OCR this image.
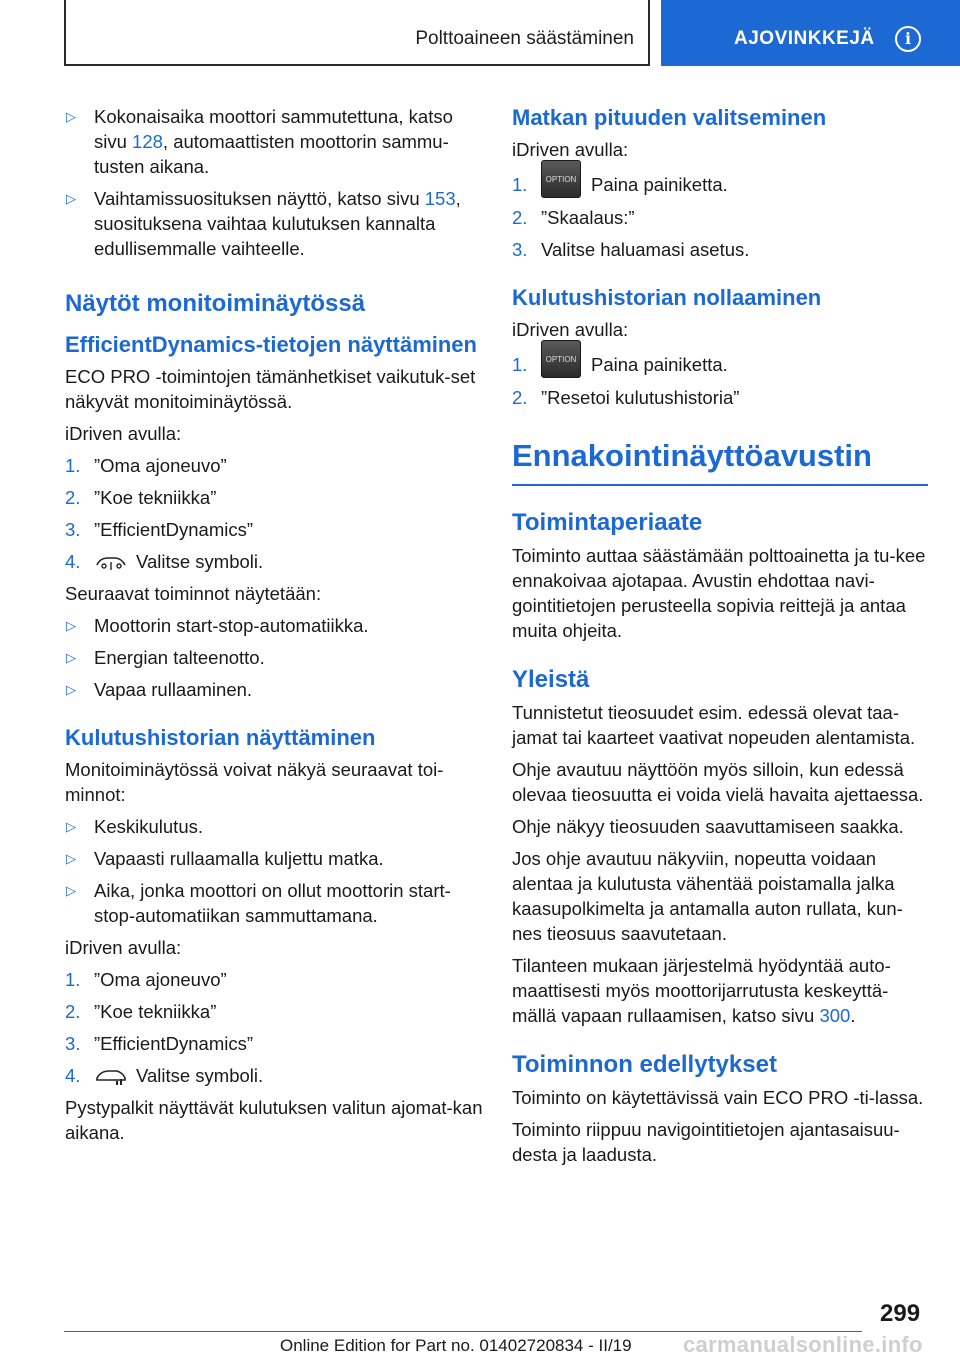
Polttoaineen säästäminen	AJOVINKKEJÄ	i
▷ Kokonaisaika moottori sammutettuna, katso sivu 128, automaattisten moottorin sammu-tusten aikana.
▷ Vaihtamissuosituksen näyttö, katso sivu 153, suosituksena vaihtaa kulutuksen kannalta edullisemmalle vaihteelle.
Näytöt monitoiminäytössä
EfficientDynamics-tietojen näyttäminen

ECO PRO -toimintojen tämänhetkiset vaikutuk-set näkyvät monitoiminäytössä.

iDriven avulla:

1. ”Oma ajoneuvo”
2. ”Koe tekniikka”
3. ”EfficientDynamics”
4.	Valitse symboli.

Seuraavat toiminnot näytetään:

▷ Moottorin start-stop-automatiikka.
▷ Energian talteenotto.
▷ Vapaa rullaaminen.
Kulutushistorian näyttäminen

Monitoiminäytössä voivat näkyä seuraavat toi-minnot:

▷ Keskikulutus.
▷ Vapaasti rullaamalla kuljettu matka.
▷ Aika, jonka moottori on ollut moottorin start-stop-automatiikan sammuttamana.

iDriven avulla:

1. ”Oma ajoneuvo”
2. ”Koe tekniikka”
3. ”EfficientDynamics”
4.	Valitse symboli.

Pystypalkit näyttävät kulutuksen valitun ajomat-kan aikana.

Matkan pituuden valitseminen

iDriven avulla:

1. OPTION Paina painiketta.
2. ”Skaalaus:”
3. Valitse haluamasi asetus.
Kulutushistorian nollaaminen

iDriven avulla:

1. OPTION Paina painiketta.
2. ”Resetoi kulutushistoria”
Ennakointinäyttöavustin
Toimintaperiaate

Toiminto auttaa säästämään polttoainetta ja tu-kee ennakoivaa ajotapaa. Avustin ehdottaa navi-gointitietojen perusteella sopivia reittejä ja antaa muita ohjeita.

Yleistä

Tunnistetut tieosuudet esim. edessä olevat taa-jamat tai kaarteet vaativat nopeuden alentamista.

Ohje avautuu näyttöön myös silloin, kun edessä olevaa tieosuutta ei voida vielä havaita ajettaessa.

Ohje näkyy tieosuuden saavuttamiseen saakka.

Jos ohje avautuu näkyviin, nopeutta voidaan alentaa ja kulutusta vähentää poistamalla jalka kaasupolkimelta ja antamalla auton rullata, kun-nes tieosuus saavutetaan.

Tilanteen mukaan järjestelmä hyödyntää auto-maattisesti myös moottorijarrutusta keskeyttä-mällä vapaan rullaamisen, katso sivu 300.

Toiminnon edellytykset

Toiminto on käytettävissä vain ECO PRO -ti-lassa.

Toiminto riippuu navigointitietojen ajantasaisuu-desta ja laadusta.

299
Online Edition for Part no. 01402720834 - II/19 carmanualsonline.info
